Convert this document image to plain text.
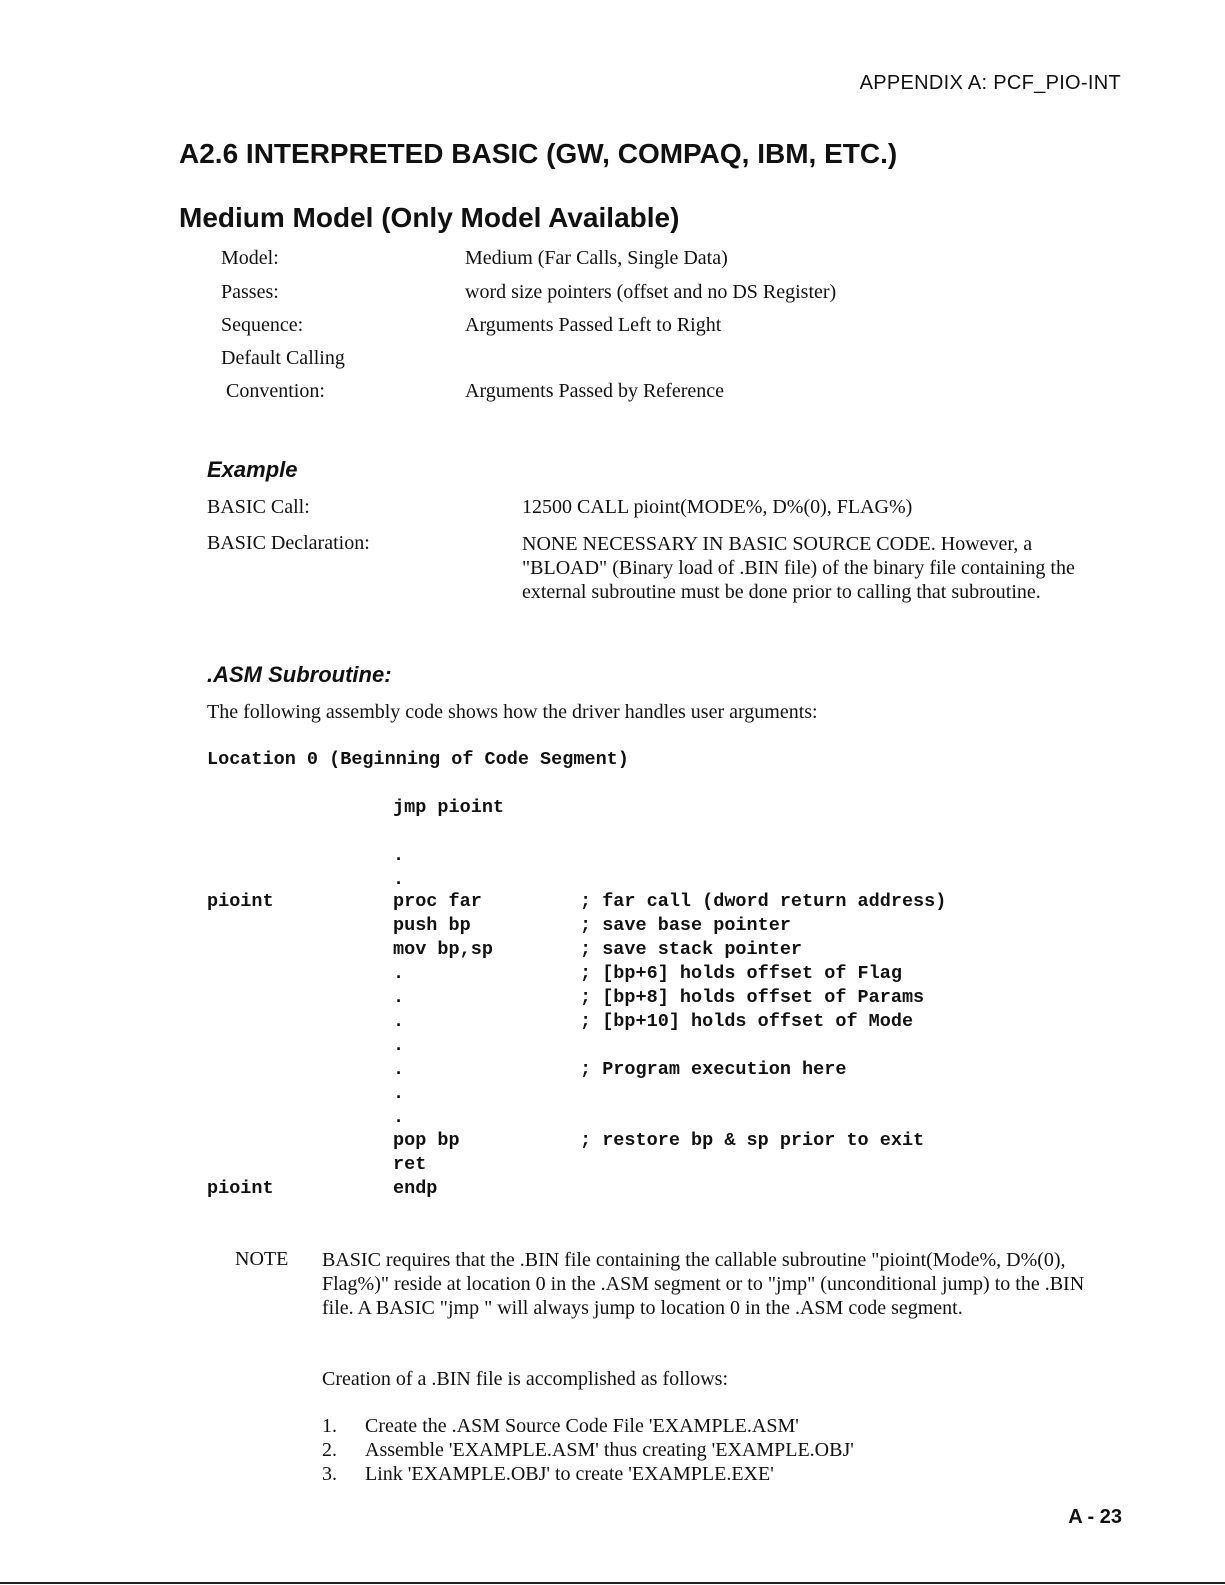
APPENDIX A: PCF_PIO-INT
A2.6 INTERPRETED BASIC (GW, COMPAQ, IBM, ETC.)
Medium Model (Only Model Available)
Model:	Medium (Far Calls, Single Data)
Passes:	word size pointers (offset and no DS Register)
Sequence:	Arguments Passed Left to Right
Default Calling
Convention:	Arguments Passed by Reference
Example
BASIC Call:	12500 CALL pioint(MODE%, D%(0), FLAG%)
BASIC Declaration:	NONE NECESSARY IN BASIC SOURCE CODE. However, a "BLOAD" (Binary load of .BIN file) of the binary file containing the external subroutine must be done prior to calling that subroutine.
.ASM Subroutine:
The following assembly code shows how the driver handles user arguments:
Location 0 (Beginning of Code Segment)
jmp pioint
.
.
pioint	proc far	; far call (dword return address)
push bp	; save base pointer
mov bp,sp	; save stack pointer
.	; [bp+6] holds offset of Flag
.	; [bp+8] holds offset of Params
.	; [bp+10] holds offset of Mode
.
.	; Program execution here
.
.
pop bp	; restore bp & sp prior to exit
ret
pioint	endp
NOTE BASIC requires that the .BIN file containing the callable subroutine "pioint(Mode%, D%(0), Flag%)" reside at location 0 in the .ASM segment or to "jmp" (unconditional jump) to the .BIN file. A BASIC "jmp " will always jump to location 0 in the .ASM code segment.
Creation of a .BIN file is accomplished as follows:
1. Create the .ASM Source Code File 'EXAMPLE.ASM'
2. Assemble 'EXAMPLE.ASM' thus creating 'EXAMPLE.OBJ'
3. Link 'EXAMPLE.OBJ' to create 'EXAMPLE.EXE'
A - 23
